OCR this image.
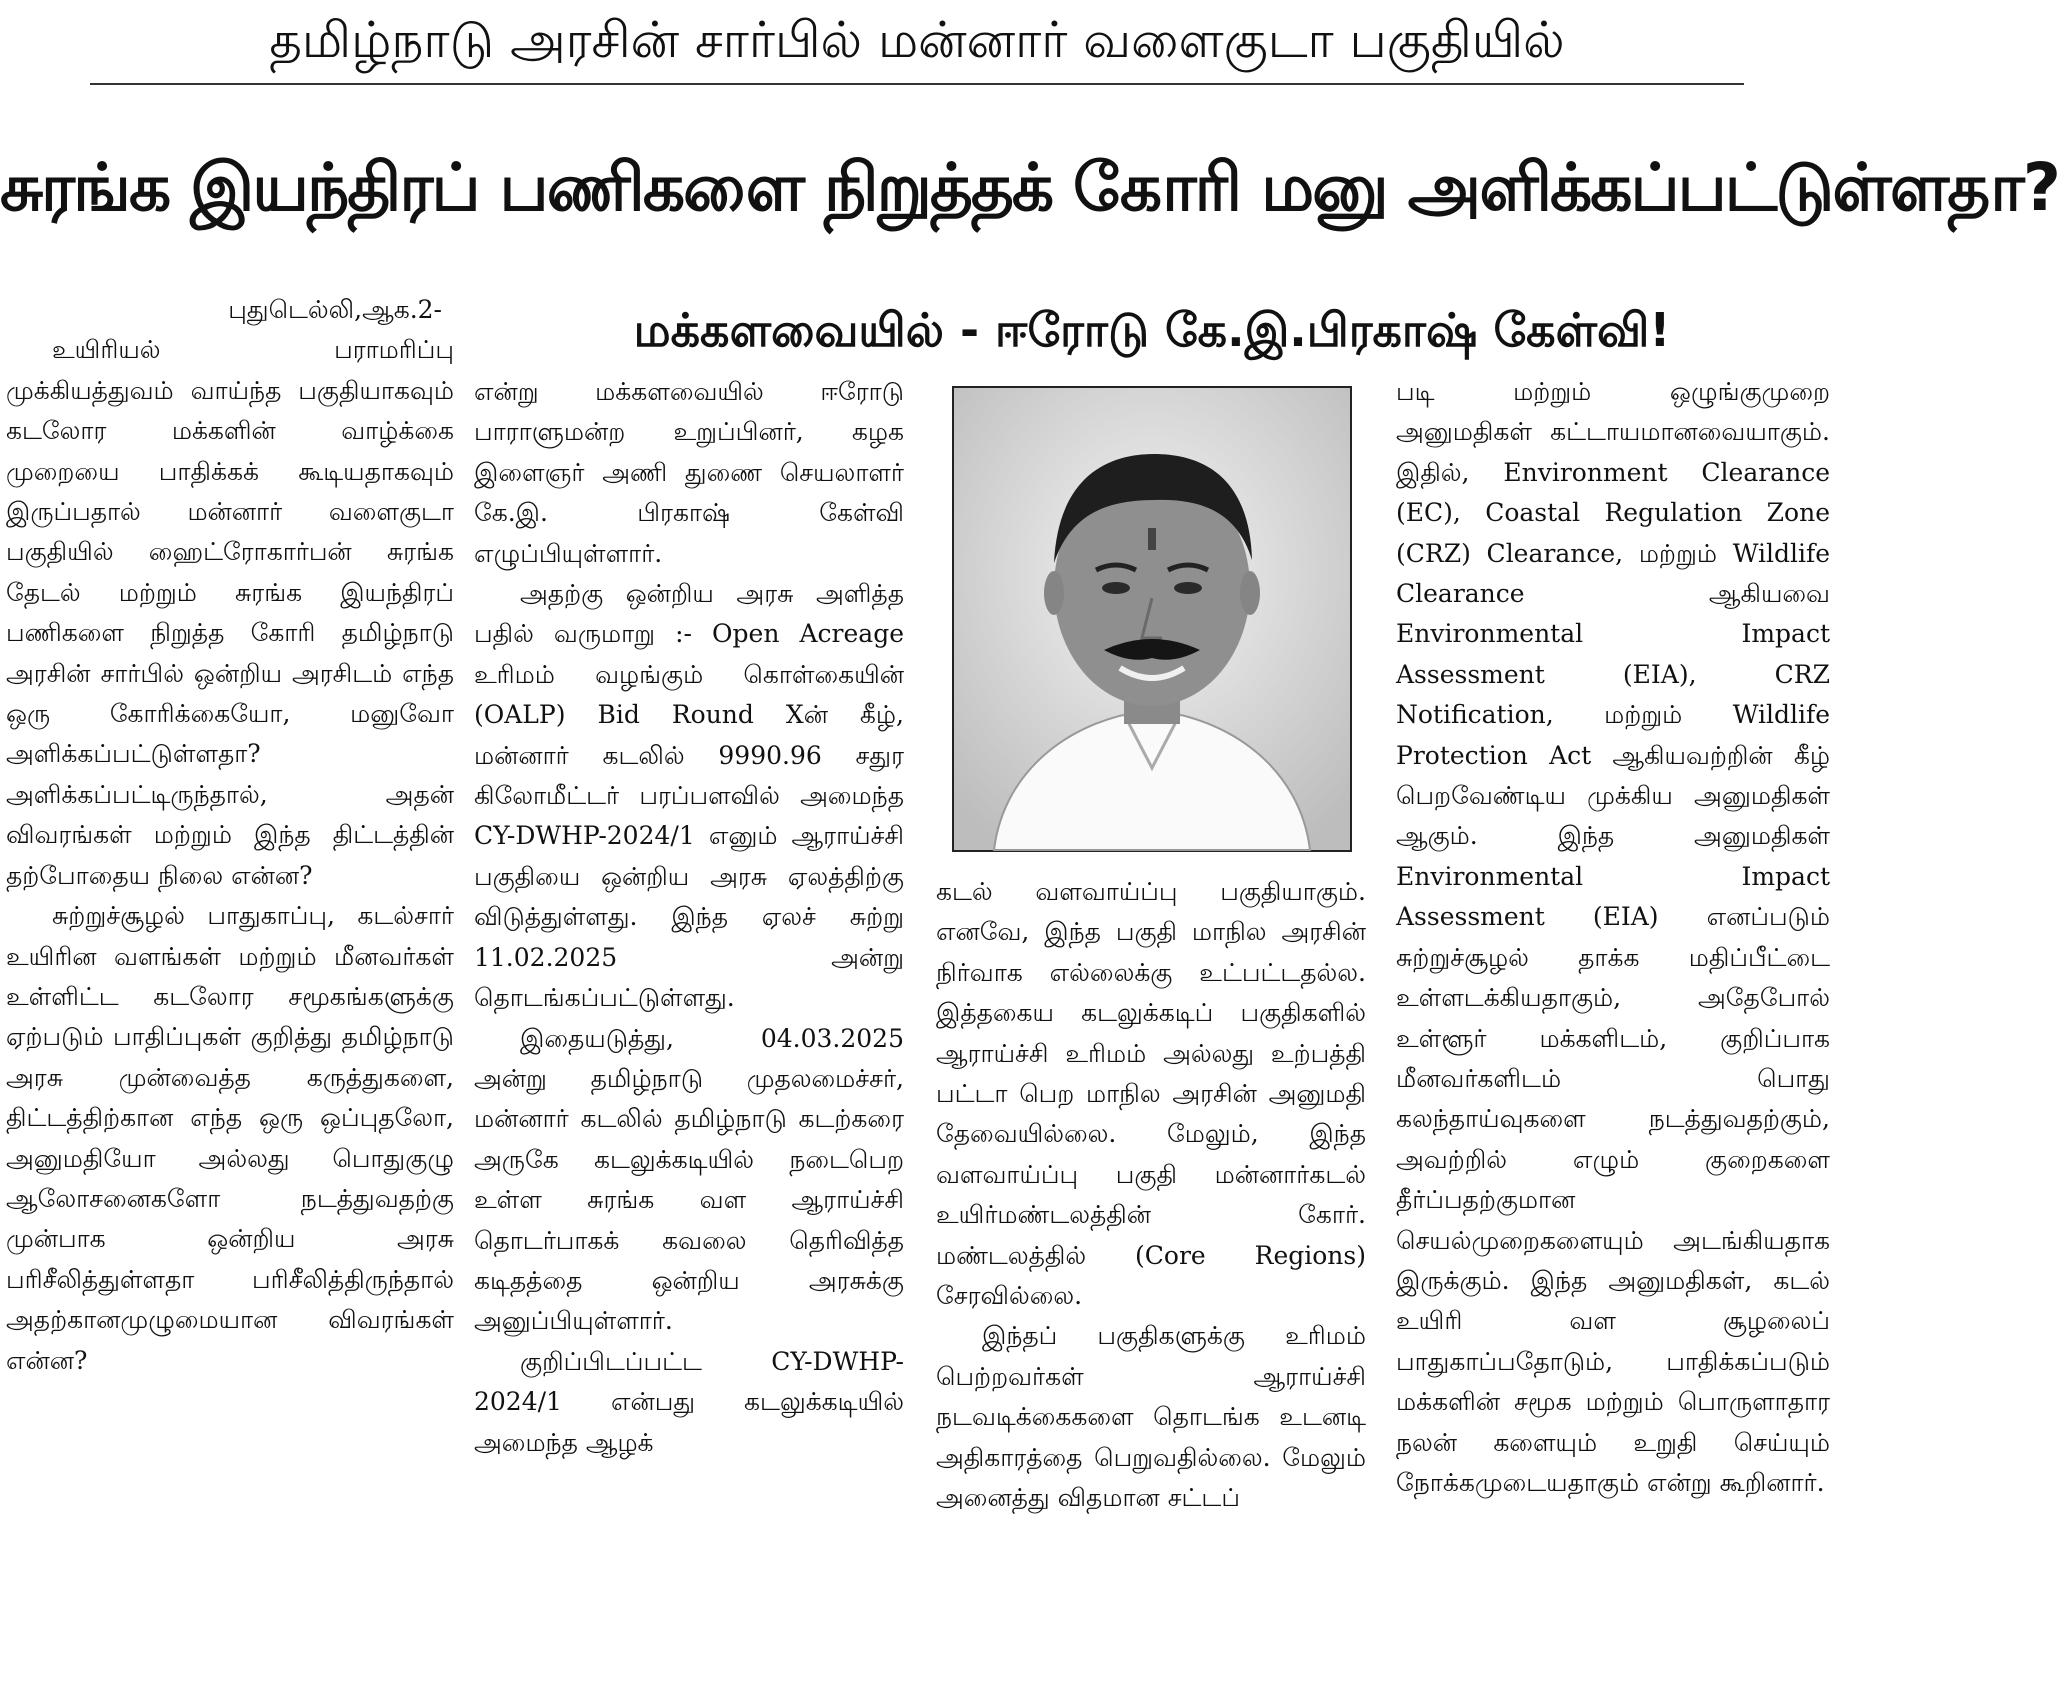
தமிழ்நாடு அரசின் சார்பில் மன்னார் வளைகுடா பகுதியில்
சுரங்க இயந்திரப் பணிகளை நிறுத்தக் கோரி மனு அளிக்கப்பட்டுள்ளதா?
மக்களவையில் - ஈரோடு கே.இ.பிரகாஷ் கேள்வி!

புதுடெல்லி,ஆக.2-

உயிரியல் பராமரிப்பு முக்கியத்துவம் வாய்ந்த பகுதியாகவும் கடலோர மக்களின் வாழ்க்கை முறையை பாதிக்கக் கூடியதாகவும் இருப்பதால் மன்னார் வளைகுடா பகுதியில் ஹைட்ரோகார்பன் சுரங்க தேடல் மற்றும் சுரங்க இயந்திரப் பணிகளை நிறுத்த கோரி தமிழ்நாடு அரசின் சார்பில் ஒன்றிய அரசிடம் எந்த ஒரு கோரிக்கையோ, மனுவோ அளிக்கப்பட்டுள்ளதா? அளிக்கப்பட்டிருந்தால், அதன் விவரங்கள் மற்றும் இந்த திட்டத்தின் தற்போதைய நிலை என்ன?

சுற்றுச்சூழல் பாதுகாப்பு, கடல்சார் உயிரின வளங்கள் மற்றும் மீனவர்கள் உள்ளிட்ட கடலோர சமூகங்களுக்கு ஏற்படும் பாதிப்புகள் குறித்து தமிழ்நாடு அரசு முன்வைத்த கருத்துகளை, திட்டத்திற்கான எந்த ஒரு ஒப்புதலோ, அனுமதியோ அல்லது பொதுகுழு ஆலோசனைகளோ நடத்துவதற்கு முன்பாக ஒன்றிய அரசு பரிசீலித்துள்ளதா பரிசீலித்திருந்தால் அதற்கானமுழுமையான விவரங்கள் என்ன?

என்று மக்களவையில் ஈரோடு பாராளுமன்ற உறுப்பினர், கழக இளைஞர் அணி துணை செயலாளர் கே.இ. பிரகாஷ் கேள்வி எழுப்பியுள்ளார்.

அதற்கு ஒன்றிய அரசு அளித்த பதில் வருமாறு :- Open Acreage உரிமம் வழங்கும் கொள்கையின் (OALP) Bid Round Xன் கீழ், மன்னார் கடலில் 9990.96 சதுர கிலோமீட்டர் பரப்பளவில் அமைந்த CY-DWHP-2024/1 எனும் ஆராய்ச்சி பகுதியை ஒன்றிய அரசு ஏலத்திற்கு விடுத்துள்ளது. இந்த ஏலச் சுற்று 11.02.2025 அன்று தொடங்கப்பட்டுள்ளது.

இதையடுத்து, 04.03.2025 அன்று தமிழ்நாடு முதலமைச்சர், மன்னார் கடலில் தமிழ்நாடு கடற்கரை அருகே கடலுக்கடியில் நடைபெற உள்ள சுரங்க வள ஆராய்ச்சி தொடர்பாகக் கவலை தெரிவித்த கடிதத்தை ஒன்றிய அரசுக்கு அனுப்பியுள்ளார்.

குறிப்பிடப்பட்ட CY-DWHP-2024/1 என்பது கடலுக்கடியில் அமைந்த ஆழக்

கடல் வளவாய்ப்பு பகுதியாகும். எனவே, இந்த பகுதி மாநில அரசின் நிர்வாக எல்லைக்கு உட்பட்டதல்ல. இத்தகைய கடலுக்கடிப் பகுதிகளில் ஆராய்ச்சி உரிமம் அல்லது உற்பத்தி பட்டா பெற மாநில அரசின் அனுமதி தேவையில்லை. மேலும், இந்த வளவாய்ப்பு பகுதி மன்னார்கடல் உயிர்மண்டலத்தின் கோர். மண்டலத்தில் (Core Regions) சேரவில்லை.

இந்தப் பகுதிகளுக்கு உரிமம் பெற்றவர்கள் ஆராய்ச்சி நடவடிக்கைகளை தொடங்க உடனடி அதிகாரத்தை பெறுவதில்லை. மேலும் அனைத்து விதமான சட்டப்

படி மற்றும் ஒழுங்குமுறை அனுமதிகள் கட்டாயமானவையாகும். இதில், Environment Clearance (EC), Coastal Regulation Zone (CRZ) Clearance, மற்றும் Wildlife Clearance ஆகியவை Environmental Impact Assessment (EIA), CRZ Notification, மற்றும் Wildlife Protection Act ஆகியவற்றின் கீழ் பெறவேண்டிய முக்கிய அனுமதிகள் ஆகும். இந்த அனுமதிகள் Environmental Impact Assessment (EIA) எனப்படும் சுற்றுச்சூழல் தாக்க மதிப்பீட்டை உள்ளடக்கியதாகும், அதேபோல் உள்ளூர் மக்களிடம், குறிப்பாக மீனவர்களிடம் பொது கலந்தாய்வுகளை நடத்துவதற்கும், அவற்றில் எழும் குறைகளை தீர்ப்பதற்குமான செயல்முறைகளையும் அடங்கியதாக இருக்கும். இந்த அனுமதிகள், கடல் உயிரி வள சூழலைப் பாதுகாப்பதோடும், பாதிக்கப்படும் மக்களின் சமூக மற்றும் பொருளாதார நலன் களையும் உறுதி செய்யும் நோக்கமுடையதாகும் என்று கூறினார்.
